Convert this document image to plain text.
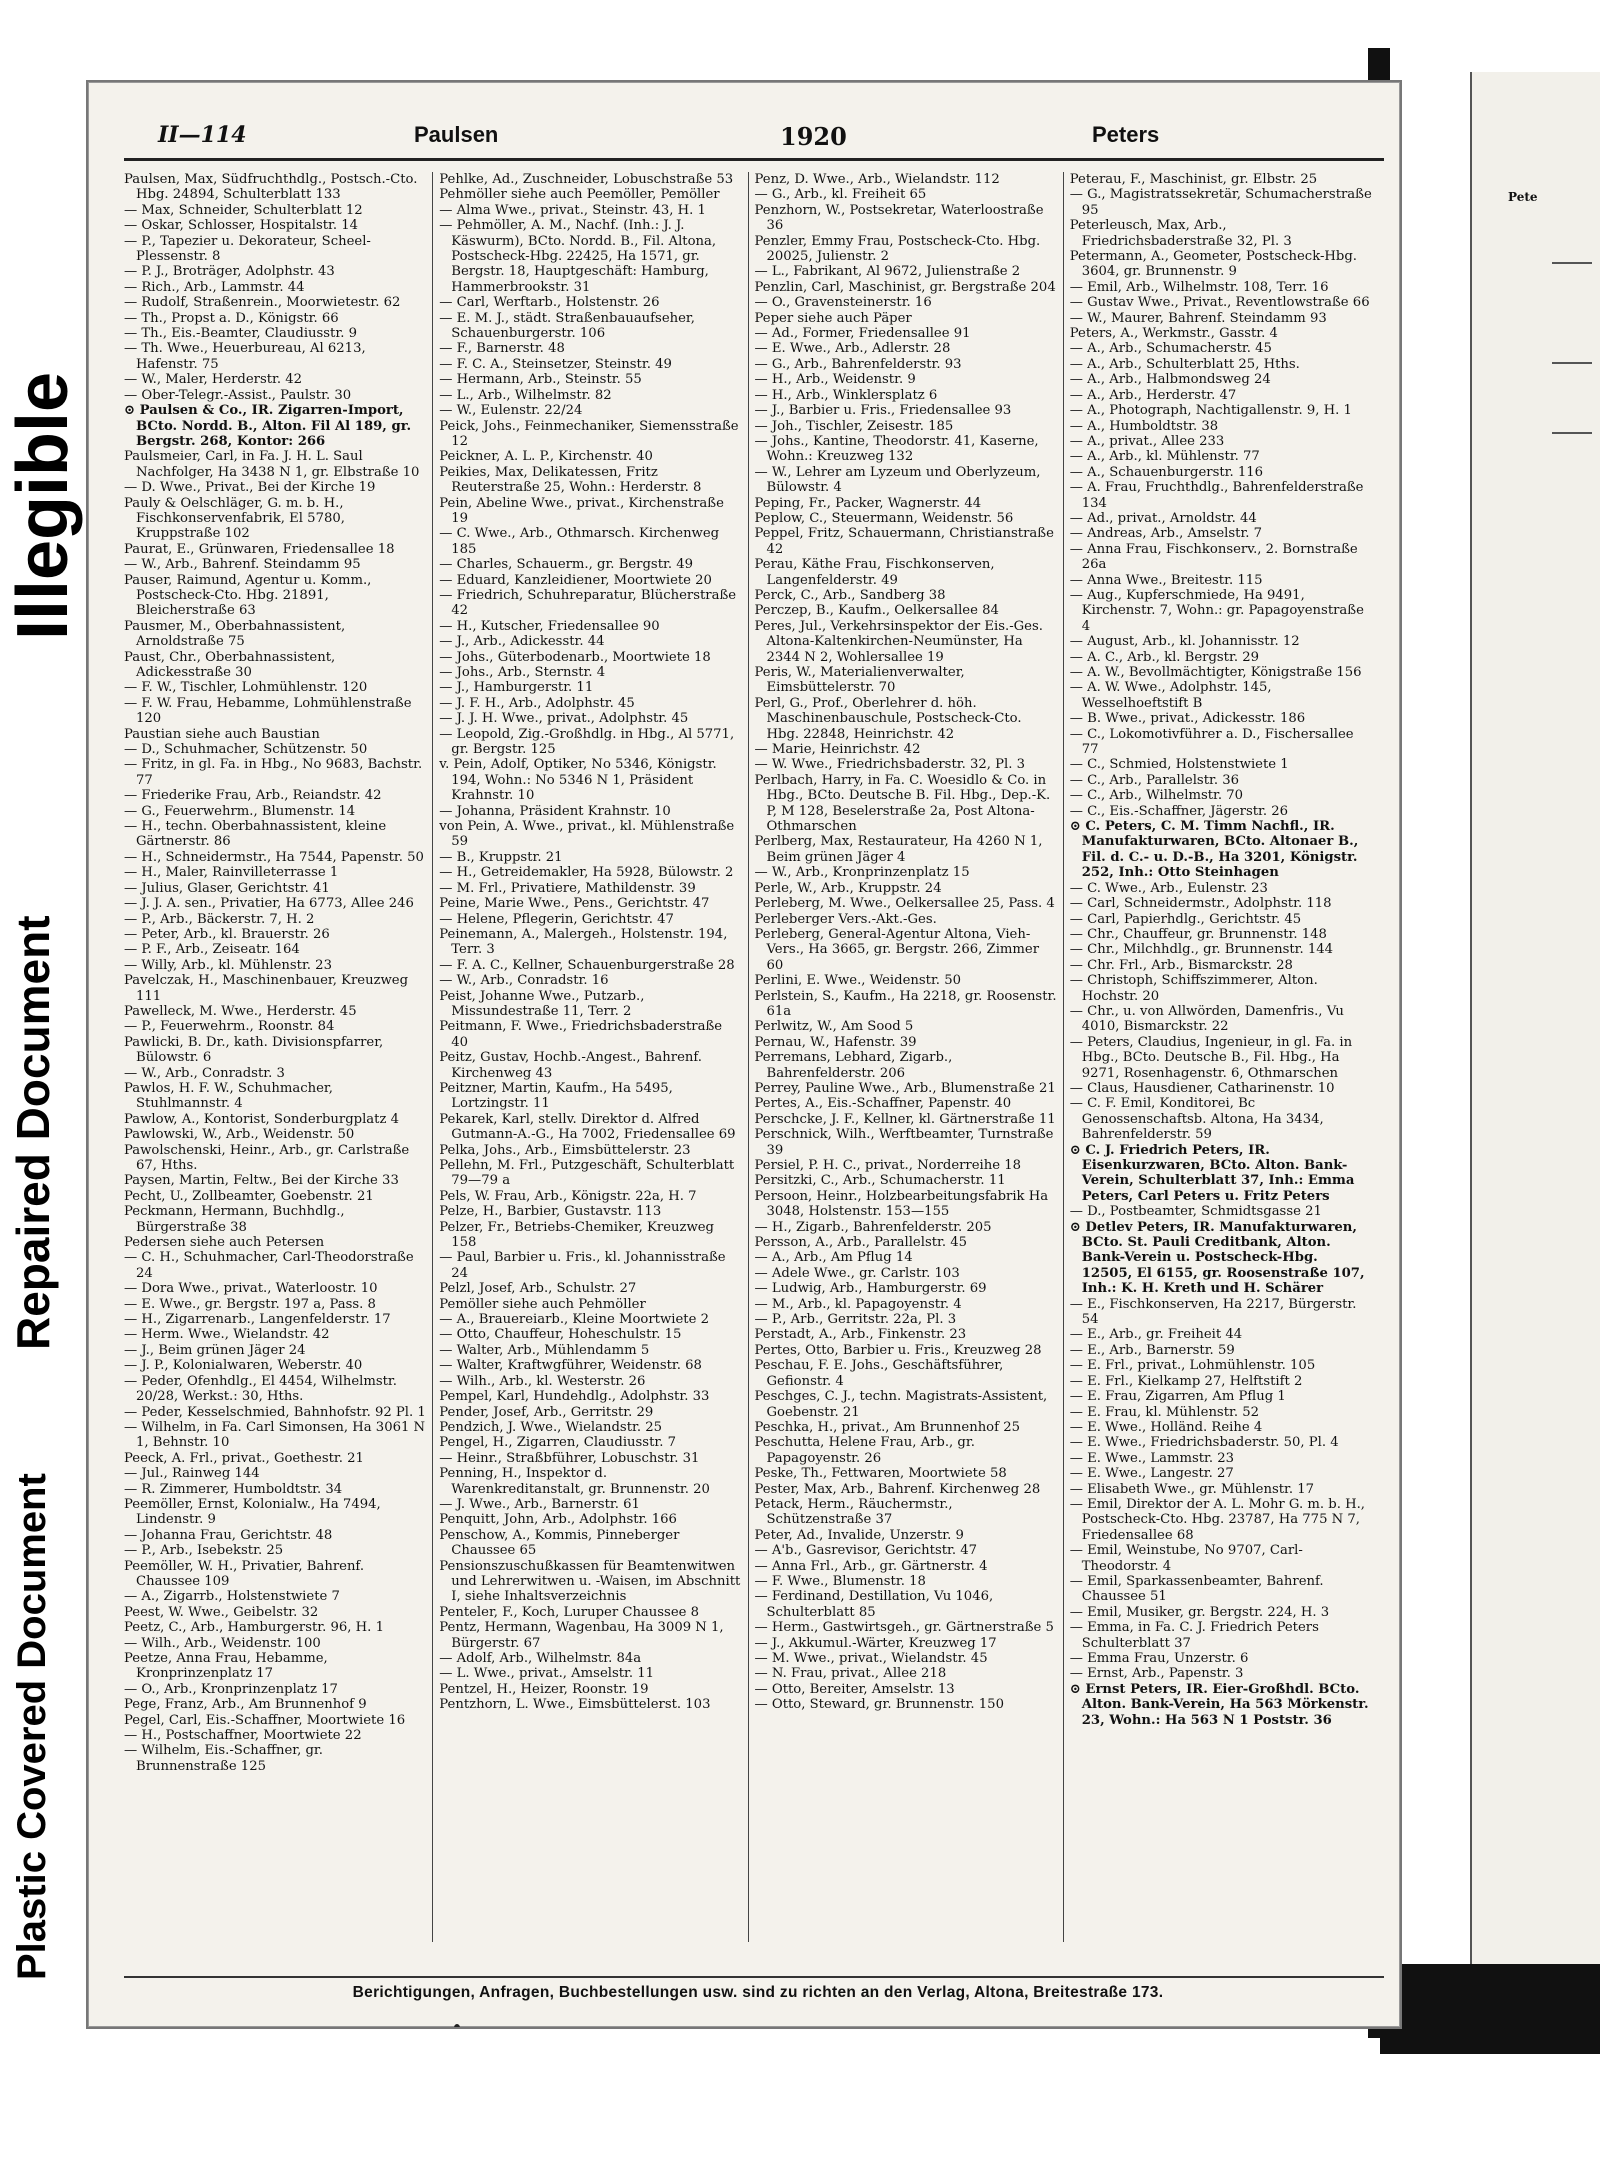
Illegible
Repaired Document
Plastic Covered Document
Pete
II—114	Paulsen	1920	Peters

Paulsen, Max, Südfruchthdlg., Postsch.-Cto. Hbg. 24894, Schulterblatt 133

— Max, Schneider, Schulterblatt 12

— Oskar, Schlosser, Hospitalstr. 14

— P., Tapezier u. Dekorateur, Scheel-Plessenstr. 8

— P. J., Broträger, Adolphstr. 43

— Rich., Arb., Lammstr. 44

— Rudolf, Straßenrein., Moorwietestr. 62

— Th., Propst a. D., Königstr. 66

— Th., Eis.-Beamter, Claudiusstr. 9

— Th. Wwe., Heuerbureau, Al 6213, Hafenstr. 75

— W., Maler, Herderstr. 42

— Ober-Telegr.-Assist., Paulstr. 30

⊙ Paulsen & Co., IR. Zigarren-Import, BCto. Nordd. B., Alton. Fil Al 189, gr. Bergstr. 268, Kontor: 266

Paulsmeier, Carl, in Fa. J. H. L. Saul Nachfolger, Ha 3438 N 1, gr. Elbstraße 10

— D. Wwe., Privat., Bei der Kirche 19

Pauly & Oelschläger, G. m. b. H., Fischkonservenfabrik, El 5780, Kruppstraße 102

Paurat, E., Grünwaren, Friedensallee 18

— W., Arb., Bahrenf. Steindamm 95

Pauser, Raimund, Agentur u. Komm., Postscheck-Cto. Hbg. 21891, Bleicherstraße 63

Pausmer, M., Oberbahnassistent, Arnoldstraße 75

Paust, Chr., Oberbahnassistent, Adickesstraße 30

— F. W., Tischler, Lohmühlenstr. 120

— F. W. Frau, Hebamme, Lohmühlenstraße 120

Paustian siehe auch Baustian

— D., Schuhmacher, Schützenstr. 50

— Fritz, in gl. Fa. in Hbg., No 9683, Bachstr. 77

— Friederike Frau, Arb., Reiandstr. 42

— G., Feuerwehrm., Blumenstr. 14

— H., techn. Oberbahnassistent, kleine Gärtnerstr. 86

— H., Schneidermstr., Ha 7544, Papenstr. 50

— H., Maler, Rainvilleterrasse 1

— Julius, Glaser, Gerichtstr. 41

— J. J. A. sen., Privatier, Ha 6773, Allee 246

— P., Arb., Bäckerstr. 7, H. 2

— Peter, Arb., kl. Brauerstr. 26

— P. F., Arb., Zeiseatr. 164

— Willy, Arb., kl. Mühlenstr. 23

Pavelczak, H., Maschinenbauer, Kreuzweg 111

Pawelleck, M. Wwe., Herderstr. 45

— P., Feuerwehrm., Roonstr. 84

Pawlicki, B. Dr., kath. Divisionspfarrer, Bülowstr. 6

— W., Arb., Conradstr. 3

Pawlos, H. F. W., Schuhmacher, Stuhlmannstr. 4

Pawlow, A., Kontorist, Sonderburgplatz 4

Pawlowski, W., Arb., Weidenstr. 50

Pawolschenski, Heinr., Arb., gr. Carlstraße 67, Hths.

Paysen, Martin, Feltw., Bei der Kirche 33

Pecht, U., Zollbeamter, Goebenstr. 21

Peckmann, Hermann, Buchhdlg., Bürgerstraße 38

Pedersen siehe auch Petersen

— C. H., Schuhmacher, Carl-Theodorstraße 24

— Dora Wwe., privat., Waterloostr. 10

— E. Wwe., gr. Bergstr. 197 a, Pass. 8

— H., Zigarrenarb., Langenfelderstr. 17

— Herm. Wwe., Wielandstr. 42

— J., Beim grünen Jäger 24

— J. P., Kolonialwaren, Weberstr. 40

— Peder, Ofenhdlg., El 4454, Wilhelmstr. 20/28, Werkst.: 30, Hths.

— Peder, Kesselschmied, Bahnhofstr. 92 Pl. 1

— Wilhelm, in Fa. Carl Simonsen, Ha 3061 N 1, Behnstr. 10

Peeck, A. Frl., privat., Goethestr. 21

— Jul., Rainweg 144

— R. Zimmerer, Humboldtstr. 34

Peemöller, Ernst, Kolonialw., Ha 7494, Lindenstr. 9

— Johanna Frau, Gerichtstr. 48

— P., Arb., Isebekstr. 25

Peemöller, W. H., Privatier, Bahrenf. Chaussee 109

— A., Zigarrb., Holstenstwiete 7

Peest, W. Wwe., Geibelstr. 32

Peetz, C., Arb., Hamburgerstr. 96, H. 1

— Wilh., Arb., Weidenstr. 100

Peetze, Anna Frau, Hebamme, Kronprinzenplatz 17

— O., Arb., Kronprinzenplatz 17

Pege, Franz, Arb., Am Brunnenhof 9

Pegel, Carl, Eis.-Schaffner, Moortwiete 16

— H., Postschaffner, Moortwiete 22

— Wilhelm, Eis.-Schaffner, gr. Brunnenstraße 125

Pehlke, Ad., Zuschneider, Lobuschstraße 53

Pehmöller siehe auch Peemöller, Pemöller

— Alma Wwe., privat., Steinstr. 43, H. 1

— Pehmöller, A. M., Nachf. (Inh.: J. J. Käswurm), BCto. Nordd. B., Fil. Altona, Postscheck-Hbg. 22425, Ha 1571, gr. Bergstr. 18, Hauptgeschäft: Hamburg, Hammerbrookstr. 31

— Carl, Werftarb., Holstenstr. 26

— E. M. J., städt. Straßenbauaufseher, Schauenburgerstr. 106

— F., Barnerstr. 48

— F. C. A., Steinsetzer, Steinstr. 49

— Hermann, Arb., Steinstr. 55

— L., Arb., Wilhelmstr. 82

— W., Eulenstr. 22/24

Peick, Johs., Feinmechaniker, Siemensstraße 12

Peickner, A. L. P., Kirchenstr. 40

Peikies, Max, Delikatessen, Fritz Reuterstraße 25, Wohn.: Herderstr. 8

Pein, Abeline Wwe., privat., Kirchenstraße 19

— C. Wwe., Arb., Othmarsch. Kirchenweg 185

— Charles, Schauerm., gr. Bergstr. 49

— Eduard, Kanzleidiener, Moortwiete 20

— Friedrich, Schuhreparatur, Blücherstraße 42

— H., Kutscher, Friedensallee 90

— J., Arb., Adickesstr. 44

— Johs., Güterbodenarb., Moortwiete 18

— Johs., Arb., Sternstr. 4

— J., Hamburgerstr. 11

— J. F. H., Arb., Adolphstr. 45

— J. J. H. Wwe., privat., Adolphstr. 45

— Leopold, Zig.-Großhdlg. in Hbg., Al 5771, gr. Bergstr. 125

v. Pein, Adolf, Optiker, No 5346, Königstr. 194, Wohn.: No 5346 N 1, Präsident Krahnstr. 10

— Johanna, Präsident Krahnstr. 10

von Pein, A. Wwe., privat., kl. Mühlenstraße 59

— B., Kruppstr. 21

— H., Getreidemakler, Ha 5928, Bülowstr. 2

— M. Frl., Privatiere, Mathildenstr. 39

Peine, Marie Wwe., Pens., Gerichtstr. 47

— Helene, Pflegerin, Gerichtstr. 47

Peinemann, A., Malergeh., Holstenstr. 194, Terr. 3

— F. A. C., Kellner, Schauenburgerstraße 28

— W., Arb., Conradstr. 16

Peist, Johanne Wwe., Putzarb., Missundestraße 11, Terr. 2

Peitmann, F. Wwe., Friedrichsbaderstraße 40

Peitz, Gustav, Hochb.-Angest., Bahrenf. Kirchenweg 43

Peitzner, Martin, Kaufm., Ha 5495, Lortzingstr. 11

Pekarek, Karl, stellv. Direktor d. Alfred Gutmann-A.-G., Ha 7002, Friedensallee 69

Pelka, Johs., Arb., Eimsbüttelerstr. 23

Pellehn, M. Frl., Putzgeschäft, Schulterblatt 79—79 a

Pels, W. Frau, Arb., Königstr. 22a, H. 7

Pelze, H., Barbier, Gustavstr. 113

Pelzer, Fr., Betriebs-Chemiker, Kreuzweg 158

— Paul, Barbier u. Fris., kl. Johannisstraße 24

Pelzl, Josef, Arb., Schulstr. 27

Pemöller siehe auch Pehmöller

— A., Brauereiarb., Kleine Moortwiete 2

— Otto, Chauffeur, Hoheschulstr. 15

— Walter, Arb., Mühlendamm 5

— Walter, Kraftwgführer, Weidenstr. 68

— Wilh., Arb., kl. Westerstr. 26

Pempel, Karl, Hundehdlg., Adolphstr. 33

Pender, Josef, Arb., Gerritstr. 29

Pendzich, J. Wwe., Wielandstr. 25

Pengel, H., Zigarren, Claudiusstr. 7

— Heinr., Straßbführer, Lobuschstr. 31

Penning, H., Inspektor d. Warenkreditanstalt, gr. Brunnenstr. 20

— J. Wwe., Arb., Barnerstr. 61

Penquitt, John, Arb., Adolphstr. 166

Penschow, A., Kommis, Pinneberger Chaussee 65

Pensionszuschußkassen für Beamtenwitwen und Lehrerwitwen u. -Waisen, im Abschnitt I, siehe Inhaltsverzeichnis

Penteler, F., Koch, Luruper Chaussee 8

Pentz, Hermann, Wagenbau, Ha 3009 N 1, Bürgerstr. 67

— Adolf, Arb., Wilhelmstr. 84a

— L. Wwe., privat., Amselstr. 11

Pentzel, H., Heizer, Roonstr. 19

Pentzhorn, L. Wwe., Eimsbüttelerst. 103

Penz, D. Wwe., Arb., Wielandstr. 112

— G., Arb., kl. Freiheit 65

Penzhorn, W., Postsekretar, Waterloostraße 36

Penzler, Emmy Frau, Postscheck-Cto. Hbg. 20025, Julienstr. 2

— L., Fabrikant, Al 9672, Julienstraße 2

Penzlin, Carl, Maschinist, gr. Bergstraße 204

— O., Gravensteinerstr. 16

Peper siehe auch Päper

— Ad., Former, Friedensallee 91

— E. Wwe., Arb., Adlerstr. 28

— G., Arb., Bahrenfelderstr. 93

— H., Arb., Weidenstr. 9

— H., Arb., Winklersplatz 6

— J., Barbier u. Fris., Friedensallee 93

— Joh., Tischler, Zeisestr. 185

— Johs., Kantine, Theodorstr. 41, Kaserne, Wohn.: Kreuzweg 132

— W., Lehrer am Lyzeum und Oberlyzeum, Bülowstr. 4

Peping, Fr., Packer, Wagnerstr. 44

Peplow, C., Steuermann, Weidenstr. 56

Peppel, Fritz, Schauermann, Christianstraße 42

Perau, Käthe Frau, Fischkonserven, Langenfelderstr. 49

Perck, C., Arb., Sandberg 38

Perczep, B., Kaufm., Oelkersallee 84

Peres, Jul., Verkehrsinspektor der Eis.-Ges. Altona-Kaltenkirchen-Neumünster, Ha 2344 N 2, Wohlersallee 19

Peris, W., Materialienverwalter, Eimsbüttelerstr. 70

Perl, G., Prof., Oberlehrer d. höh. Maschinenbauschule, Postscheck-Cto. Hbg. 22848, Heinrichstr. 42

— Marie, Heinrichstr. 42

— W. Wwe., Friedrichsbaderstr. 32, Pl. 3

Perlbach, Harry, in Fa. C. Woesidlo & Co. in Hbg., BCto. Deutsche B. Fil. Hbg., Dep.-K. P, M 128, Beselerstraße 2a, Post Altona-Othmarschen

Perlberg, Max, Restaurateur, Ha 4260 N 1, Beim grünen Jäger 4

— W., Arb., Kronprinzenplatz 15

Perle, W., Arb., Kruppstr. 24

Perleberg, M. Wwe., Oelkersallee 25, Pass. 4

Perleberger Vers.-Akt.-Ges.

Perleberg, General-Agentur Altona, Vieh-Vers., Ha 3665, gr. Bergstr. 266, Zimmer 60

Perlini, E. Wwe., Weidenstr. 50

Perlstein, S., Kaufm., Ha 2218, gr. Roosenstr. 61a

Perlwitz, W., Am Sood 5

Pernau, W., Hafenstr. 39

Perremans, Lebhard, Zigarb., Bahrenfelderstr. 206

Perrey, Pauline Wwe., Arb., Blumenstraße 21

Pertes, A., Eis.-Schaffner, Papenstr. 40

Perschcke, J. F., Kellner, kl. Gärtnerstraße 11

Perschnick, Wilh., Werftbeamter, Turnstraße 39

Persiel, P. H. C., privat., Norderreihe 18

Persitzki, C., Arb., Schumacherstr. 11

Persoon, Heinr., Holzbearbeitungsfabrik Ha 3048, Holstenstr. 153—155

— H., Zigarb., Bahrenfelderstr. 205

Persson, A., Arb., Parallelstr. 45

— A., Arb., Am Pflug 14

— Adele Wwe., gr. Carlstr. 103

— Ludwig, Arb., Hamburgerstr. 69

— M., Arb., kl. Papagoyenstr. 4

— P., Arb., Gerritstr. 22a, Pl. 3

Perstadt, A., Arb., Finkenstr. 23

Pertes, Otto, Barbier u. Fris., Kreuzweg 28

Peschau, F. E. Johs., Geschäftsführer, Gefionstr. 4

Peschges, C. J., techn. Magistrats-Assistent, Goebenstr. 21

Peschka, H., privat., Am Brunnenhof 25

Peschutta, Helene Frau, Arb., gr. Papagoyenstr. 26

Peske, Th., Fettwaren, Moortwiete 58

Pester, Max, Arb., Bahrenf. Kirchenweg 28

Petack, Herm., Räuchermstr., Schützenstraße 37

Peter, Ad., Invalide, Unzerstr. 9

— A'b., Gasrevisor, Gerichtstr. 47

— Anna Frl., Arb., gr. Gärtnerstr. 4

— F. Wwe., Blumenstr. 18

— Ferdinand, Destillation, Vu 1046, Schulterblatt 85

— Herm., Gastwirtsgeh., gr. Gärtnerstraße 5

— J., Akkumul.-Wärter, Kreuzweg 17

— M. Wwe., privat., Wielandstr. 45

— N. Frau, privat., Allee 218

— Otto, Bereiter, Amselstr. 13

— Otto, Steward, gr. Brunnenstr. 150

Peterau, F., Maschinist, gr. Elbstr. 25

— G., Magistratssekretär, Schumacherstraße 95

Peterleusch, Max, Arb., Friedrichsbaderstraße 32, Pl. 3

Petermann, A., Geometer, Postscheck-Hbg. 3604, gr. Brunnenstr. 9

— Emil, Arb., Wilhelmstr. 108, Terr. 16

— Gustav Wwe., Privat., Reventlowstraße 66

— W., Maurer, Bahrenf. Steindamm 93

Peters, A., Werkmstr., Gasstr. 4

— A., Arb., Schumacherstr. 45

— A., Arb., Schulterblatt 25, Hths.

— A., Arb., Halbmondsweg 24

— A., Arb., Herderstr. 47

— A., Photograph, Nachtigallenstr. 9, H. 1

— A., Humboldtstr. 38

— A., privat., Allee 233

— A., Arb., kl. Mühlenstr. 77

— A., Schauenburgerstr. 116

— A. Frau, Fruchthdlg., Bahrenfelderstraße 134

— Ad., privat., Arnoldstr. 44

— Andreas, Arb., Amselstr. 7

— Anna Frau, Fischkonserv., 2. Bornstraße 26a

— Anna Wwe., Breitestr. 115

— Aug., Kupferschmiede, Ha 9491, Kirchenstr. 7, Wohn.: gr. Papagoyenstraße 4

— August, Arb., kl. Johannisstr. 12

— A. C., Arb., kl. Bergstr. 29

— A. W., Bevollmächtigter, Königstraße 156

— A. W. Wwe., Adolphstr. 145, Wesselhoeftstift B

— B. Wwe., privat., Adickesstr. 186

— C., Lokomotivführer a. D., Fischersallee 77

— C., Schmied, Holstenstwiete 1

— C., Arb., Parallelstr. 36

— C., Arb., Wilhelmstr. 70

— C., Eis.-Schaffner, Jägerstr. 26

⊙ C. Peters, C. M. Timm Nachfl., IR. Manufakturwaren, BCto. Altonaer B., Fil. d. C.- u. D.-B., Ha 3201, Königstr. 252, Inh.: Otto Steinhagen

— C. Wwe., Arb., Eulenstr. 23

— Carl, Schneidermstr., Adolphstr. 118

— Carl, Papierhdlg., Gerichtstr. 45

— Chr., Chauffeur, gr. Brunnenstr. 148

— Chr., Milchhdlg., gr. Brunnenstr. 144

— Chr. Frl., Arb., Bismarckstr. 28

— Christoph, Schiffszimmerer, Alton. Hochstr. 20

— Chr., u. von Allwörden, Damenfris., Vu 4010, Bismarckstr. 22

— Peters, Claudius, Ingenieur, in gl. Fa. in Hbg., BCto. Deutsche B., Fil. Hbg., Ha 9271, Rosenhagenstr. 6, Othmarschen

— Claus, Hausdiener, Catharinenstr. 10

— C. F. Emil, Konditorei, Bc Genossenschaftsb. Altona, Ha 3434, Bahrenfelderstr. 59

⊙ C. J. Friedrich Peters, IR. Eisenkurzwaren, BCto. Alton. Bank-Verein, Schulterblatt 37, Inh.: Emma Peters, Carl Peters u. Fritz Peters

— D., Postbeamter, Schmidtsgasse 21

⊙ Detlev Peters, IR. Manufakturwaren, BCto. St. Pauli Creditbank, Alton. Bank-Verein u. Postscheck-Hbg. 12505, El 6155, gr. Roosenstraße 107, Inh.: K. H. Kreth und H. Schärer

— E., Fischkonserven, Ha 2217, Bürgerstr. 54

— E., Arb., gr. Freiheit 44

— E., Arb., Barnerstr. 59

— E. Frl., privat., Lohmühlenstr. 105

— E. Frl., Kielkamp 27, Helftstift 2

— E. Frau, Zigarren, Am Pflug 1

— E. Frau, kl. Mühlenstr. 52

— E. Wwe., Holländ. Reihe 4

— E. Wwe., Friedrichsbaderstr. 50, Pl. 4

— E. Wwe., Lammstr. 23

— E. Wwe., Langestr. 27

— Elisabeth Wwe., gr. Mühlenstr. 17

— Emil, Direktor der A. L. Mohr G. m. b. H., Postscheck-Cto. Hbg. 23787, Ha 775 N 7, Friedensallee 68

— Emil, Weinstube, No 9707, Carl-Theodorstr. 4

— Emil, Sparkassenbeamter, Bahrenf. Chaussee 51

— Emil, Musiker, gr. Bergstr. 224, H. 3

— Emma, in Fa. C. J. Friedrich Peters Schulterblatt 37

— Emma Frau, Unzerstr. 6

— Ernst, Arb., Papenstr. 3

⊙ Ernst Peters, IR. Eier-Großhdl. BCto. Alton. Bank-Verein, Ha 563 Mörkenstr. 23, Wohn.: Ha 563 N 1 Poststr. 36

Berichtigungen, Anfragen, Buchbestellungen usw. sind zu richten an den Verlag, Altona, Breitestraße 173.
